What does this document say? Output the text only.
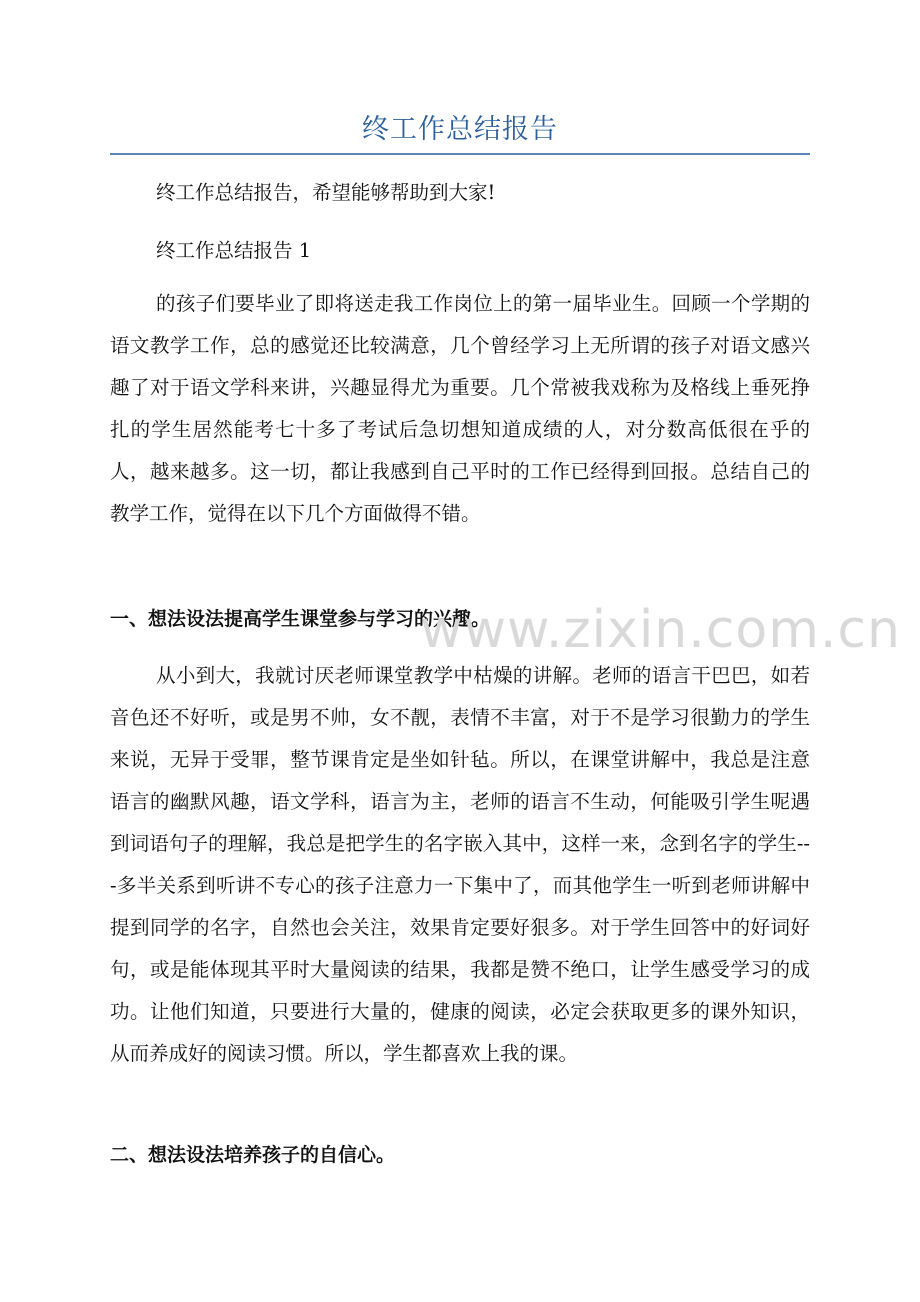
终工作总结报告

终工作总结报告，希望能够帮助到大家!

终工作总结报告 1

的孩子们要毕业了即将送走我工作岗位上的第一届毕业生。回顾一个学期的语文教学工作，总的感觉还比较满意，几个曾经学习上无所谓的孩子对语文感兴趣了对于语文学科来讲，兴趣显得尤为重要。几个常被我戏称为及格线上垂死挣扎的学生居然能考七十多了考试后急切想知道成绩的人，对分数高低很在乎的人，越来越多。这一切，都让我感到自己平时的工作已经得到回报。总结自己的教学工作，觉得在以下几个方面做得不错。

一、想法设法提高学生课堂参与学习的兴趣。

从小到大，我就讨厌老师课堂教学中枯燥的讲解。老师的语言干巴巴，如若音色还不好听，或是男不帅，女不靓，表情不丰富，对于不是学习很勤力的学生来说，无异于受罪，整节课肯定是坐如针毡。所以，在课堂讲解中，我总是注意语言的幽默风趣，语文学科，语言为主，老师的语言不生动，何能吸引学生呢遇到词语句子的理解，我总是把学生的名字嵌入其中，这样一来，念到名字的学生---多半关系到听讲不专心的孩子注意力一下集中了，而其他学生一听到老师讲解中提到同学的名字，自然也会关注，效果肯定要好狠多。对于学生回答中的好词好句，或是能体现其平时大量阅读的结果，我都是赞不绝口，让学生感受学习的成功。让他们知道，只要进行大量的，健康的阅读，必定会获取更多的课外知识，从而养成好的阅读习惯。所以，学生都喜欢上我的课。

二、想法设法培养孩子的自信心。

www.zixin.com.cn
